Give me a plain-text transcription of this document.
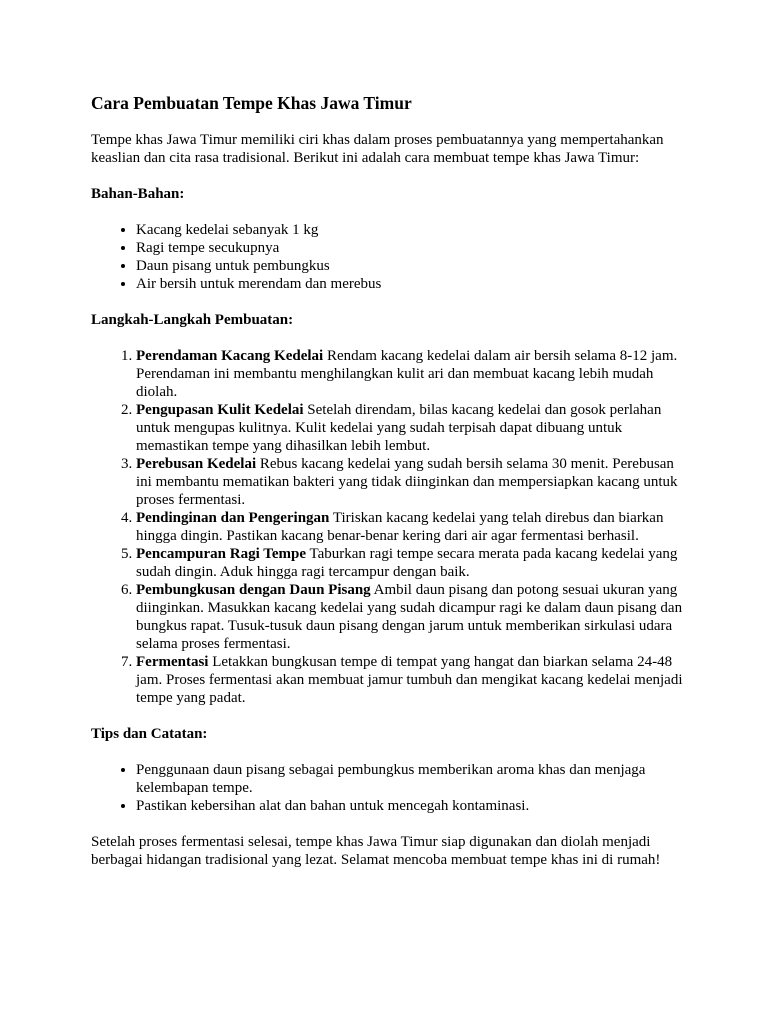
Cara Pembuatan Tempe Khas Jawa Timur

Tempe khas Jawa Timur memiliki ciri khas dalam proses pembuatannya yang mempertahankan keaslian dan cita rasa tradisional. Berikut ini adalah cara membuat tempe khas Jawa Timur:

Bahan-Bahan:
• Kacang kedelai sebanyak 1 kg
• Ragi tempe secukupnya
• Daun pisang untuk pembungkus
• Air bersih untuk merendam dan merebus
Langkah-Langkah Pembuatan:
1. Perendaman Kacang Kedelai Rendam kacang kedelai dalam air bersih selama 8-12 jam. Perendaman ini membantu menghilangkan kulit ari dan membuat kacang lebih mudah diolah.
2. Pengupasan Kulit Kedelai Setelah direndam, bilas kacang kedelai dan gosok perlahan untuk mengupas kulitnya. Kulit kedelai yang sudah terpisah dapat dibuang untuk memastikan tempe yang dihasilkan lebih lembut.
3. Perebusan Kedelai Rebus kacang kedelai yang sudah bersih selama 30 menit. Perebusan ini membantu mematikan bakteri yang tidak diinginkan dan mempersiapkan kacang untuk proses fermentasi.
4. Pendinginan dan Pengeringan Tiriskan kacang kedelai yang telah direbus dan biarkan hingga dingin. Pastikan kacang benar-benar kering dari air agar fermentasi berhasil.
5. Pencampuran Ragi Tempe Taburkan ragi tempe secara merata pada kacang kedelai yang sudah dingin. Aduk hingga ragi tercampur dengan baik.
6. Pembungkusan dengan Daun Pisang Ambil daun pisang dan potong sesuai ukuran yang diinginkan. Masukkan kacang kedelai yang sudah dicampur ragi ke dalam daun pisang dan bungkus rapat. Tusuk-tusuk daun pisang dengan jarum untuk memberikan sirkulasi udara selama proses fermentasi.
7. Fermentasi Letakkan bungkusan tempe di tempat yang hangat dan biarkan selama 24-48 jam. Proses fermentasi akan membuat jamur tumbuh dan mengikat kacang kedelai menjadi tempe yang padat.
Tips dan Catatan:
• Penggunaan daun pisang sebagai pembungkus memberikan aroma khas dan menjaga kelembapan tempe.
• Pastikan kebersihan alat dan bahan untuk mencegah kontaminasi.

Setelah proses fermentasi selesai, tempe khas Jawa Timur siap digunakan dan diolah menjadi berbagai hidangan tradisional yang lezat. Selamat mencoba membuat tempe khas ini di rumah!
